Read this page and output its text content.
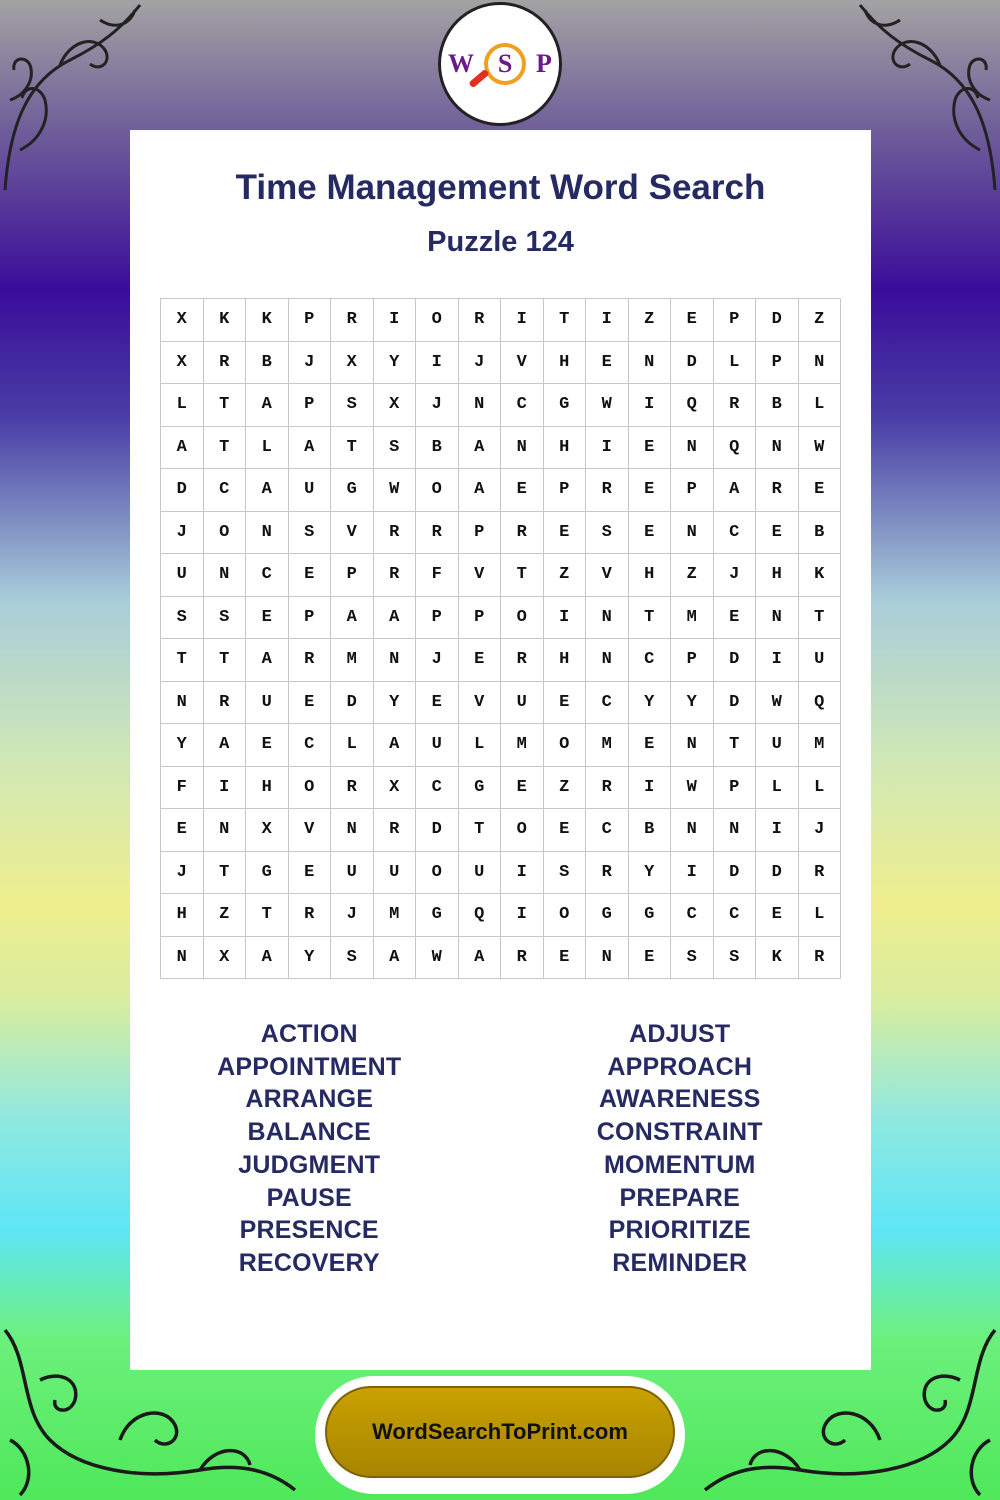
W S P
Time Management Word Search
Puzzle 124
X	K	K	P	R	I	O	R	I	T	I	Z	E	P	D	Z
X	R	B	J	X	Y	I	J	V	H	E	N	D	L	P	N
L	T	A	P	S	X	J	N	C	G	W	I	Q	R	B	L
A	T	L	A	T	S	B	A	N	H	I	E	N	Q	N	W
D	C	A	U	G	W	O	A	E	P	R	E	P	A	R	E
J	O	N	S	V	R	R	P	R	E	S	E	N	C	E	B
U	N	C	E	P	R	F	V	T	Z	V	H	Z	J	H	K
S	S	E	P	A	A	P	P	O	I	N	T	M	E	N	T
T	T	A	R	M	N	J	E	R	H	N	C	P	D	I	U
N	R	U	E	D	Y	E	V	U	E	C	Y	Y	D	W	Q
Y	A	E	C	L	A	U	L	M	O	M	E	N	T	U	M
F	I	H	O	R	X	C	G	E	Z	R	I	W	P	L	L
E	N	X	V	N	R	D	T	O	E	C	B	N	N	I	J
J	T	G	E	U	U	O	U	I	S	R	Y	I	D	D	R
H	Z	T	R	J	M	G	Q	I	O	G	G	C	C	E	L
N	X	A	Y	S	A	W	A	R	E	N	E	S	S	K	R
ACTION
APPOINTMENT
ARRANGE
BALANCE
JUDGMENT
PAUSE
PRESENCE
RECOVERY
ADJUST
APPROACH
AWARENESS
CONSTRAINT
MOMENTUM
PREPARE
PRIORITIZE
REMINDER
WordSearchToPrint.com
